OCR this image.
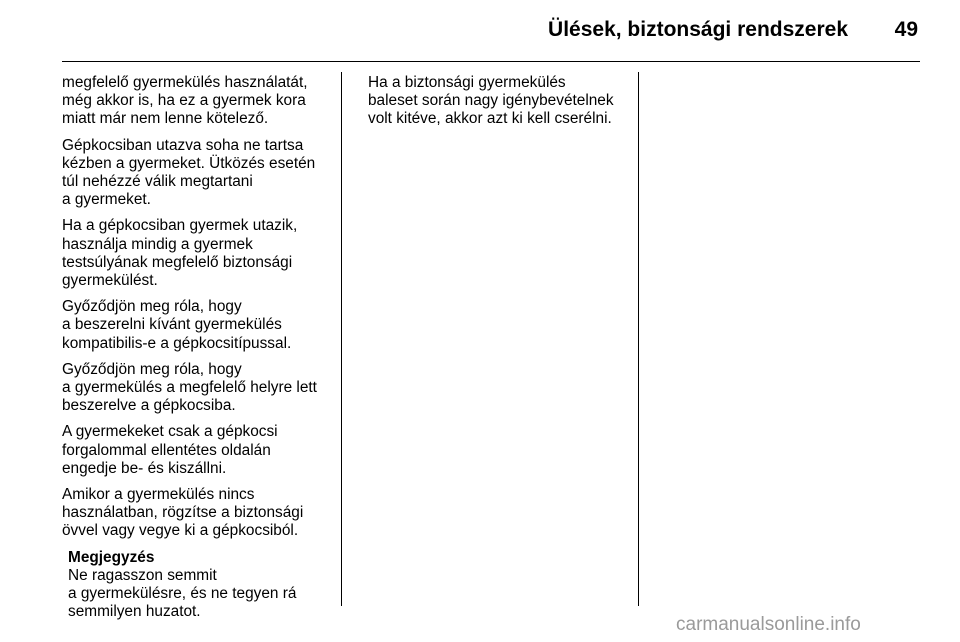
Ülések, biztonsági rendszerek 49

megfelelő gyermekülés használatát,
még akkor is, ha ez a gyermek kora
miatt már nem lenne kötelező.

Gépkocsiban utazva soha ne tartsa
kézben a gyermeket. Ütközés esetén
túl nehézzé válik megtartani
a gyermeket.

Ha a gépkocsiban gyermek utazik,
használja mindig a gyermek
testsúlyának megfelelő biztonsági
gyermekülést.

Győződjön meg róla, hogy
a beszerelni kívánt gyermekülés
kompatibilis-e a gépkocsitípussal.

Győződjön meg róla, hogy
a gyermekülés a megfelelő helyre lett
beszerelve a gépkocsiba.

A gyermekeket csak a gépkocsi
forgalommal ellentétes oldalán
engedje be- és kiszállni.

Amikor a gyermekülés nincs
használatban, rögzítse a biztonsági
övvel vagy vegye ki a gépkocsiból.

Megjegyzés

Ne ragasszon semmit
a gyermekülésre, és ne tegyen rá
semmilyen huzatot.

Ha a biztonsági gyermekülés
baleset során nagy igénybevételnek
volt kitéve, akkor azt ki kell cserélni.

carmanualsonline.info
